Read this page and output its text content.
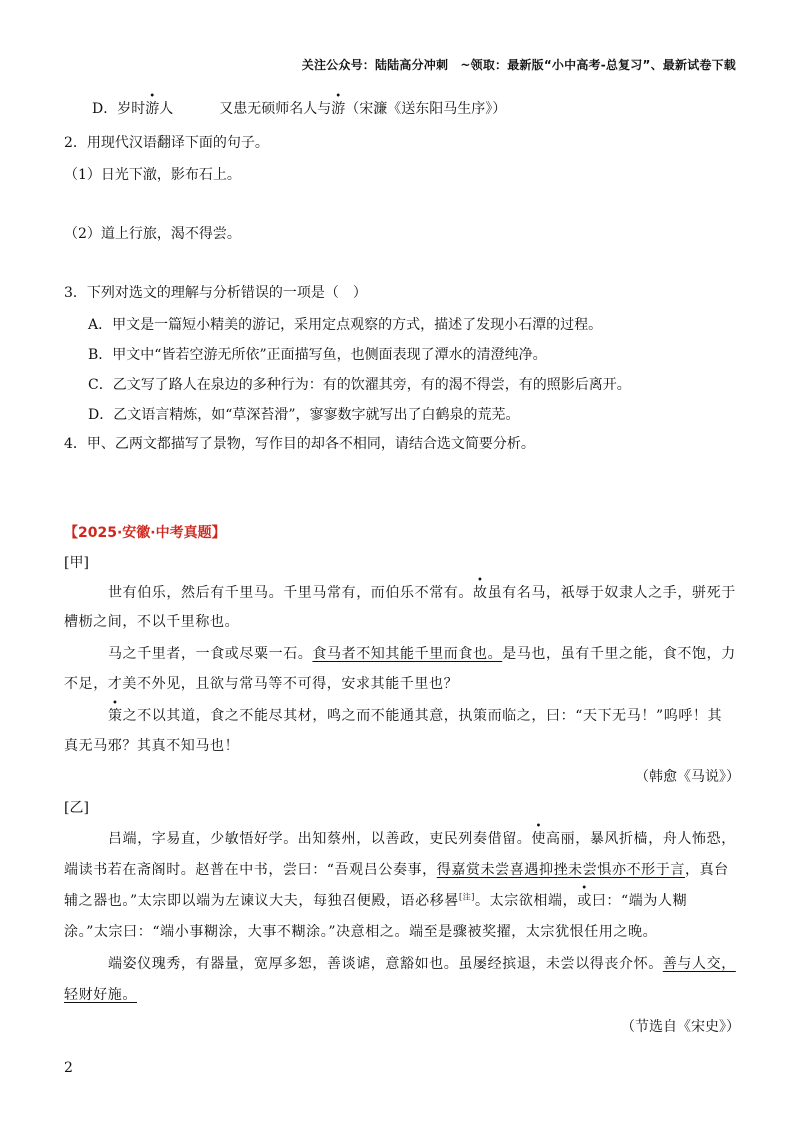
关注公众号：陆陆高分冲刺　~领取：最新版“小中高考-总复习”、最新试卷下载
D．岁时游人	又患无硕师名人与游（宋濂《送东阳马生序》）
2．用现代汉语翻译下面的句子。
（1）日光下澈，影布石上。
（2）道上行旅，渴不得尝。
3．下列对选文的理解与分析错误的一项是（　）
A．甲文是一篇短小精美的游记，采用定点观察的方式，描述了发现小石潭的过程。
B．甲文中“皆若空游无所依”正面描写鱼，也侧面表现了潭水的清澄纯净。
C．乙文写了路人在泉边的多种行为：有的饮濯其旁，有的渴不得尝，有的照影后离开。
D．乙文语言精炼，如“草深苔滑”，寥寥数字就写出了白鹤泉的荒芜。
4．甲、乙两文都描写了景物，写作目的却各不相同，请结合选文简要分析。
【2025·安徽·中考真题】
[甲]
世有伯乐，然后有千里马。千里马常有，而伯乐不常有。故虽有名马，祇辱于奴隶人之手，骈死于
槽枥之间，不以千里称也。
马之千里者，一食或尽粟一石。食马者不知其能千里而食也。是马也，虽有千里之能，食不饱，力
不足，才美不外见，且欲与常马等不可得，安求其能千里也？
策之不以其道，食之不能尽其材，鸣之而不能通其意，执策而临之，曰：“天下无马！”呜呼！其
真无马邪？其真不知马也！
（韩愈《马说》）
[乙]
吕端，字易直，少敏悟好学。出知蔡州，以善政，吏民列奏借留。使高丽，暴风折樯，舟人怖恐，
端读书若在斋阁时。赵普在中书，尝曰：“吾观吕公奏事，得嘉赏未尝喜遇抑挫未尝惧亦不形于言，真台
辅之器也。”太宗即以端为左谏议大夫，每独召便殿，语必移晷[注]。太宗欲相端，或曰：“端为人糊
涂。”太宗曰：“端小事糊涂，大事不糊涂。”决意相之。端至是骤被奖擢，太宗犹恨任用之晚。
端姿仪瑰秀，有器量，宽厚多恕，善谈谑，意豁如也。虽屡经摈退，未尝以得丧介怀。善与人交，
轻财好施。
（节选自《宋史》）
2
